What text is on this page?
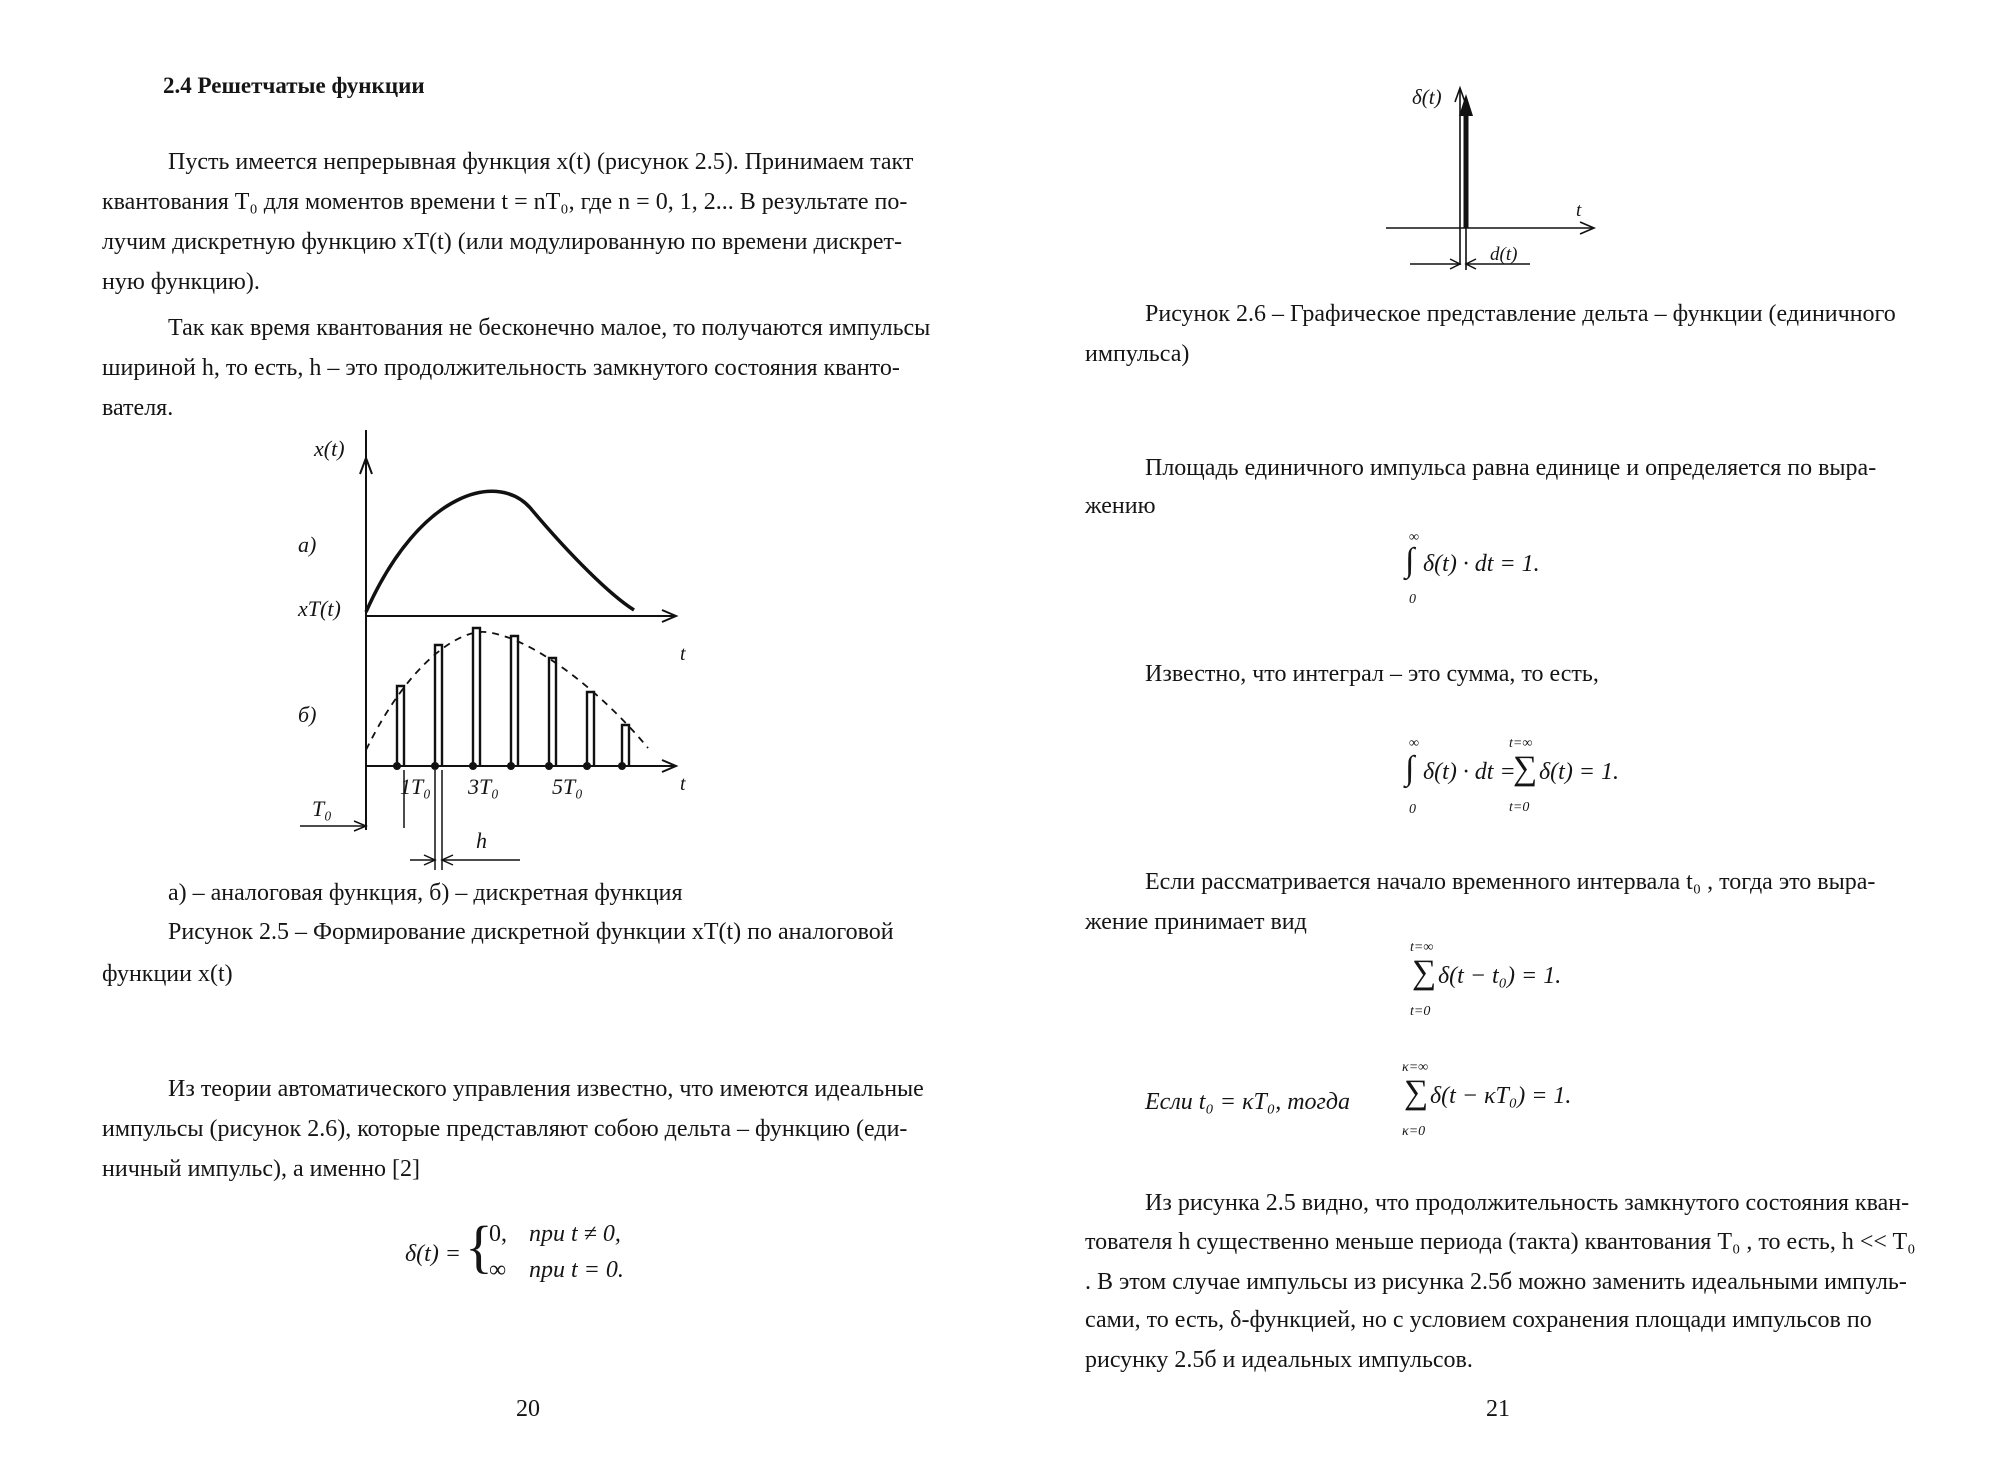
2.4 Решетчатые функции
Пусть имеется непрерывная функция x(t) (рисунок 2.5). Принимаем такт
квантования T₀ для моментов времени t = nT₀, где n = 0, 1, 2... В результате по-
лучим дискретную функцию xT(t) (или модулированную по времени дискрет-
ную функцию).
Так как время квантования не бесконечно малое, то получаются импульсы
шириной h, то есть, h – это продолжительность замкнутого состояния кванто-
вателя.
x(t)
a)
xT(t)
б)
t
t
T₀
h
1T₀ 3T₀ 5T₀
a) – аналоговая функция, б) – дискретная функция
Рисунок 2.5 – Формирование дискретной функции xT(t) по аналоговой
функции x(t)
Из теории автоматического управления известно, что имеются идеальные
импульсы (рисунок 2.6), которые представляют собою дельта – функцию (еди-
ничный импульс), а именно [2]
δ(t) = {
0, при t ≠ 0,
∞ при t = 0.
20
δ(t)
t
d(t)
Рисунок 2.6 – Графическое представление дельта – функции (единичного
импульса)
Площадь единичного импульса равна единице и определяется по выра-
жению
∞
∫
0
δ(t) · dt = 1.
Известно, что интеграл – это сумма, то есть,
∞
∫
0
δ(t) · dt =
t=∞
∑
t=0
δ(t) = 1.
Если рассматривается начало временного интервала t₀ , тогда это выра-
жение принимает вид
t=∞
∑
t=0
δ(t − t₀) = 1.
Если t₀ = κT₀, тогда
κ=∞
∑
κ=0
δ(t − κT₀) = 1.
Из рисунка 2.5 видно, что продолжительность замкнутого состояния кван-
тователя h существенно меньше периода (такта) квантования T₀ , то есть, h << T₀
. В этом случае импульсы из рисунка 2.5б можно заменить идеальными импуль-
сами, то есть, δ-функцией, но с условием сохранения площади импульсов по
рисунку 2.5б и идеальных импульсов.
21
